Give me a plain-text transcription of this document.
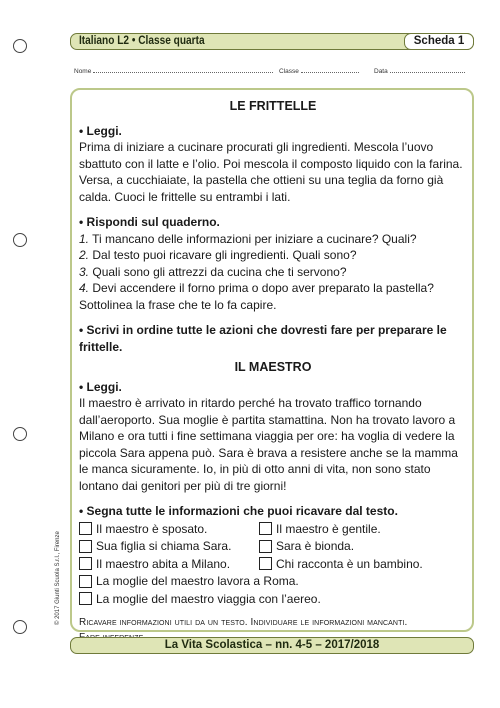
Italiano L2 • Classe quarta	Scheda 1
Nome	Classe	Data
LE FRITTELLE

• Leggi.

Prima di iniziare a cucinare procurati gli ingredienti. Mescola l’uovo sbattuto con il latte e l’olio. Poi mescola il composto liquido con la farina. Versa, a cucchiaiate, la pastella che ottieni su una teglia da forno già calda. Cuoci le frittelle su entrambi i lati.

• Rispondi sul quaderno.

1. Ti mancano delle informazioni per iniziare a cucinare? Quali?

2. Dal testo puoi ricavare gli ingredienti. Quali sono?

3. Quali sono gli attrezzi da cucina che ti servono?

4. Devi accendere il forno prima o dopo aver preparato la pastella? Sottolinea la frase che te lo fa capire.

• Scrivi in ordine tutte le azioni che dovresti fare per preparare le frittelle.

IL MAESTRO

• Leggi.

Il maestro è arrivato in ritardo perché ha trovato traffico tornando dall’aeroporto. Sua moglie è partita stamattina. Non ha trovato lavoro a Milano e ora tutti i fine settimana viaggia per ore: ha voglia di vedere la piccola Sara appena può. Sara è brava a resistere anche se la mamma le manca sicuramente. Io, in più di otto anni di vita, non sono stato lontano dai genitori per più di tre giorni!

• Segna tutte le informazioni che puoi ricavare dal testo.

Il maestro è sposato.	Il maestro è gentile.
Sua figlia si chiama Sara.	Sara è bionda.
Il maestro abita a Milano.	Chi racconta è un bambino.
La moglie del maestro lavora a Roma.
La moglie del maestro viaggia con l’aereo.
Ricavare informazioni utili da un testo. Individuare le informazioni mancanti.
© 2017 Giunti Scuola S.r.l., Firenze
La Vita Scolastica – nn. 4-5 – 2017/2018
